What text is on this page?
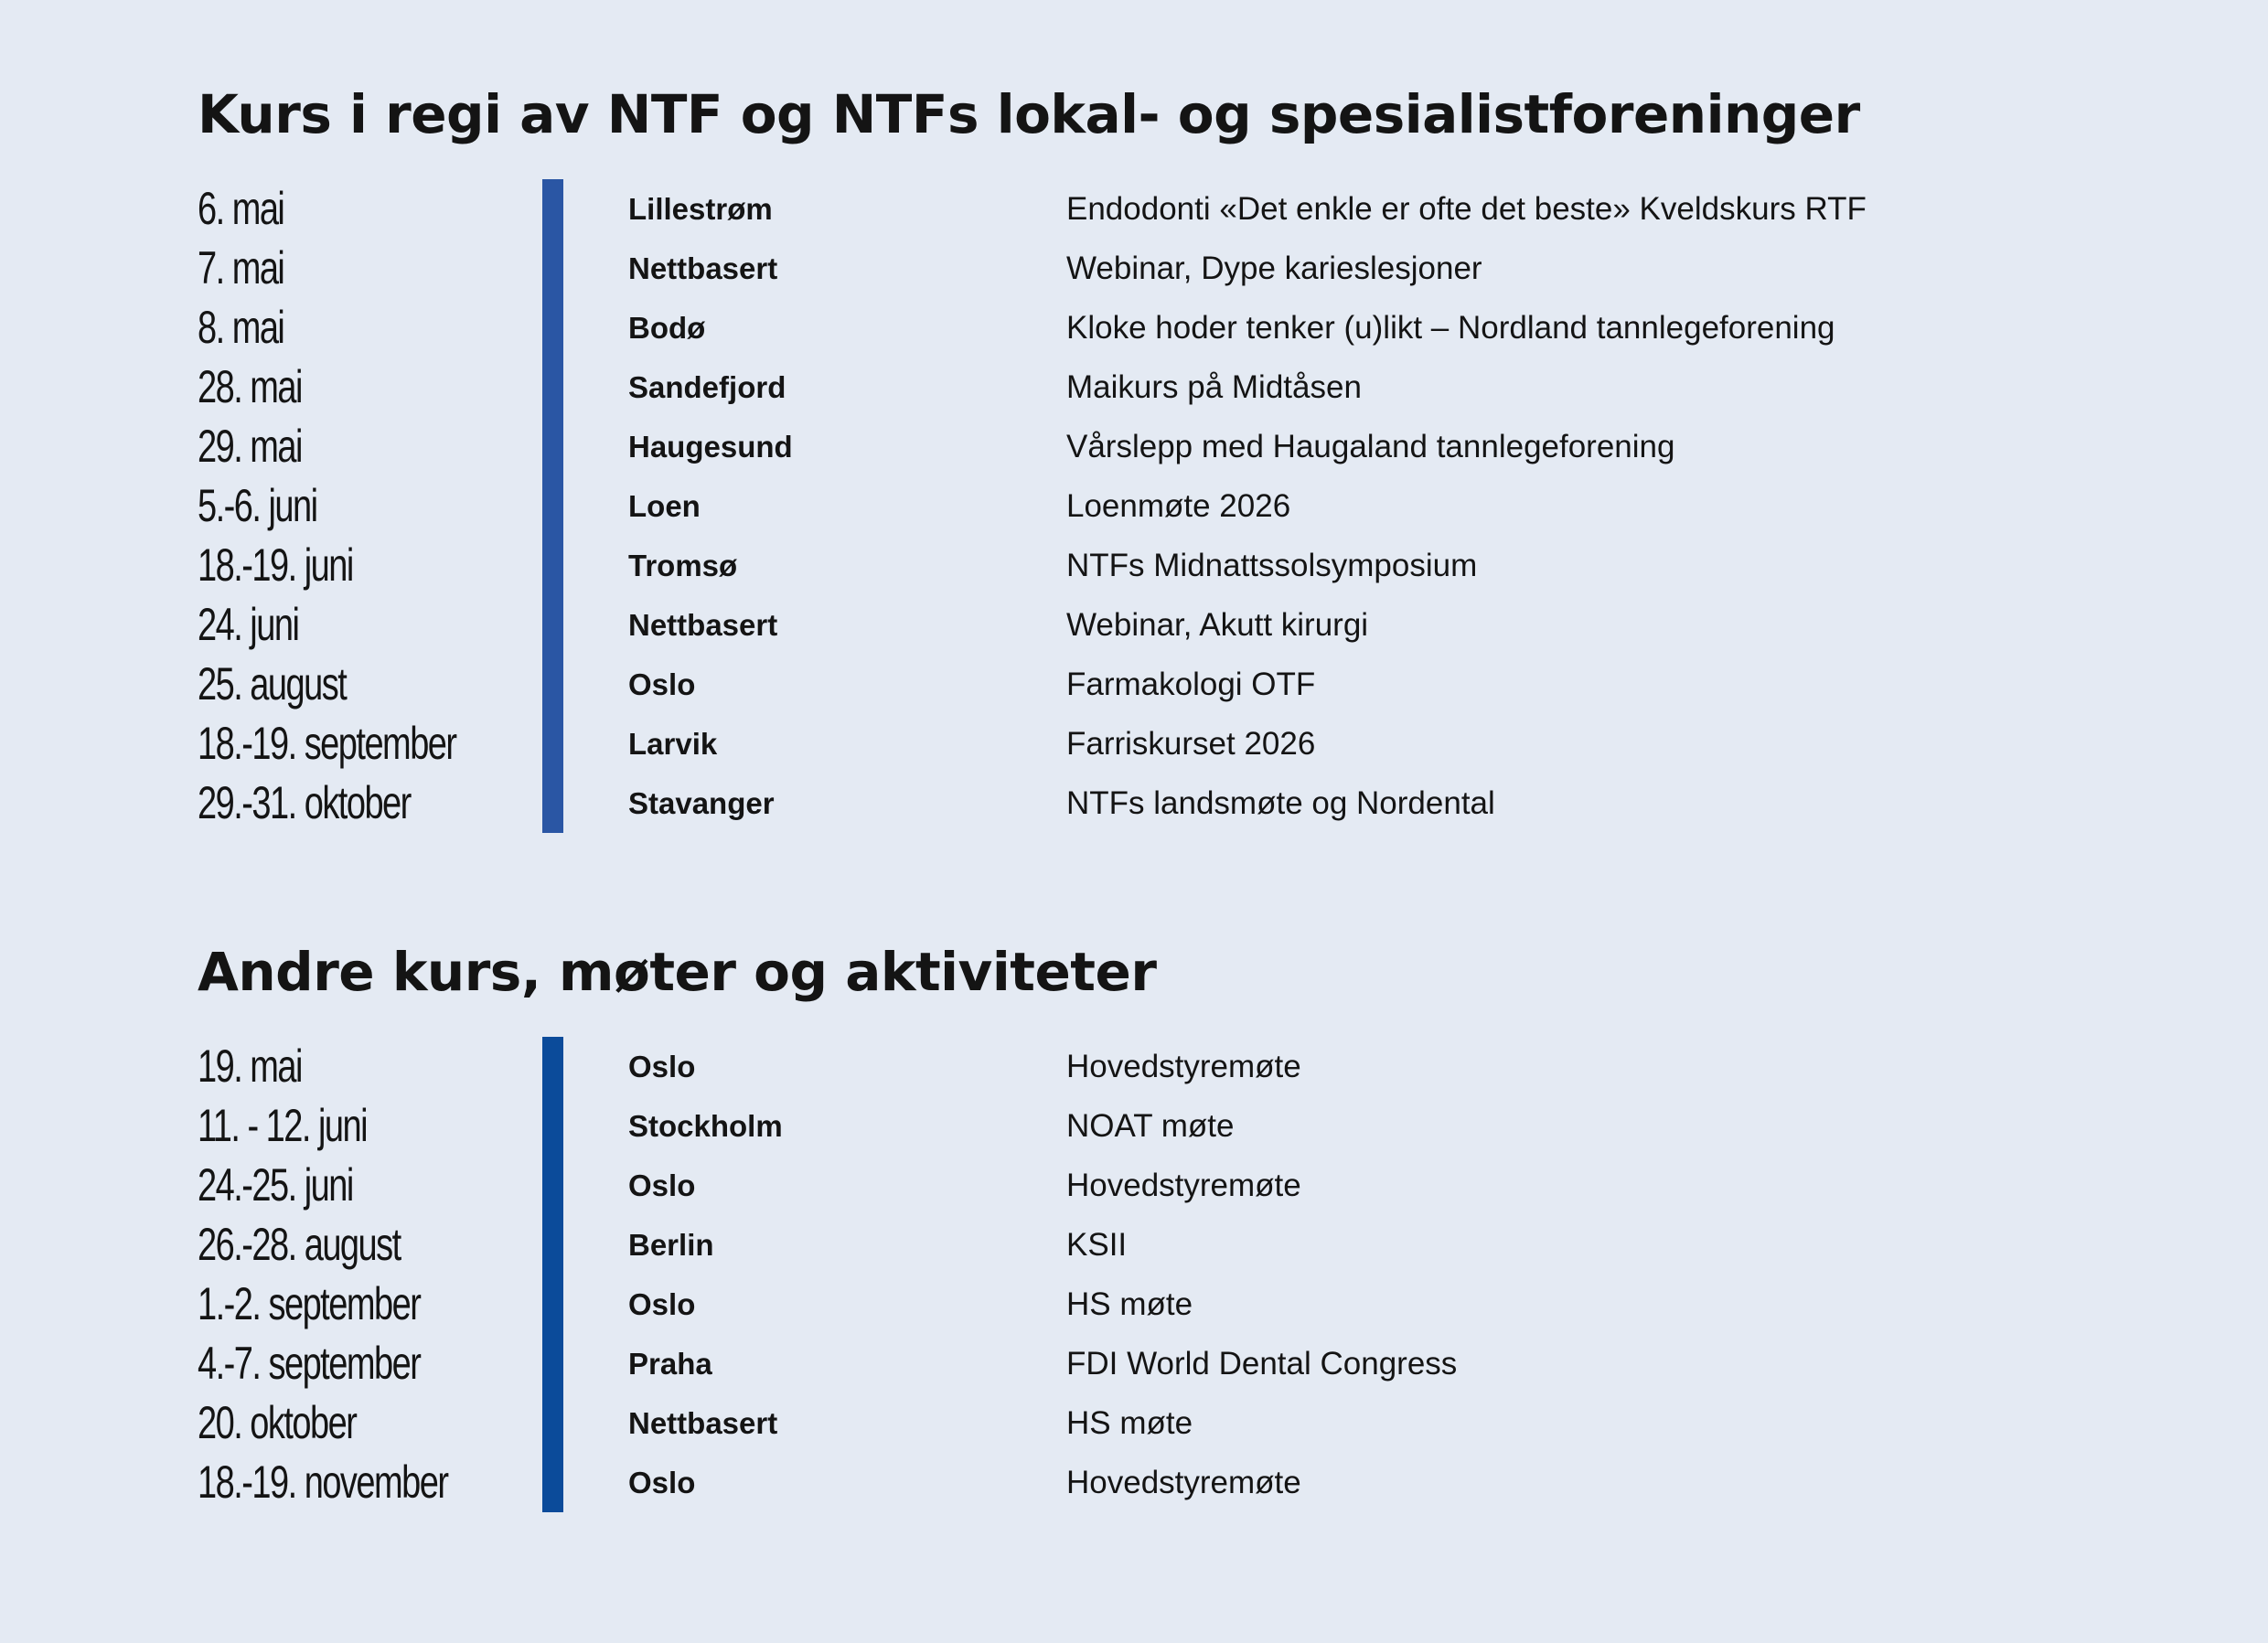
Kurs i regi av NTF og NTFs lokal- og spesialistforeninger
6. mai	Lillestrøm	Endodonti «Det enkle er ofte det beste» Kveldskurs RTF
7. mai	Nettbasert	Webinar, Dype karieslesjoner
8. mai	Bodø	Kloke hoder tenker (u)likt – Nordland tannlegeforening
28. mai	Sandefjord	Maikurs på Midtåsen
29. mai	Haugesund	Vårslepp med Haugaland tannlegeforening
5.-6. juni	Loen	Loenmøte 2026
18.-19. juni	Tromsø	NTFs Midnattssolsymposium
24. juni	Nettbasert	Webinar, Akutt kirurgi
25. august	Oslo	Farmakologi OTF
18.-19. september	Larvik	Farriskurset 2026
29.-31. oktober	Stavanger	NTFs landsmøte og Nordental
Andre kurs, møter og aktiviteter
19. mai	Oslo	Hovedstyremøte
11. - 12. juni	Stockholm	NOAT møte
24.-25. juni	Oslo	Hovedstyremøte
26.-28. august	Berlin	KSII
1.-2. september	Oslo	HS møte
4.-7. september	Praha	FDI World Dental Congress
20. oktober	Nettbasert	HS møte
18.-19. november	Oslo	Hovedstyremøte
